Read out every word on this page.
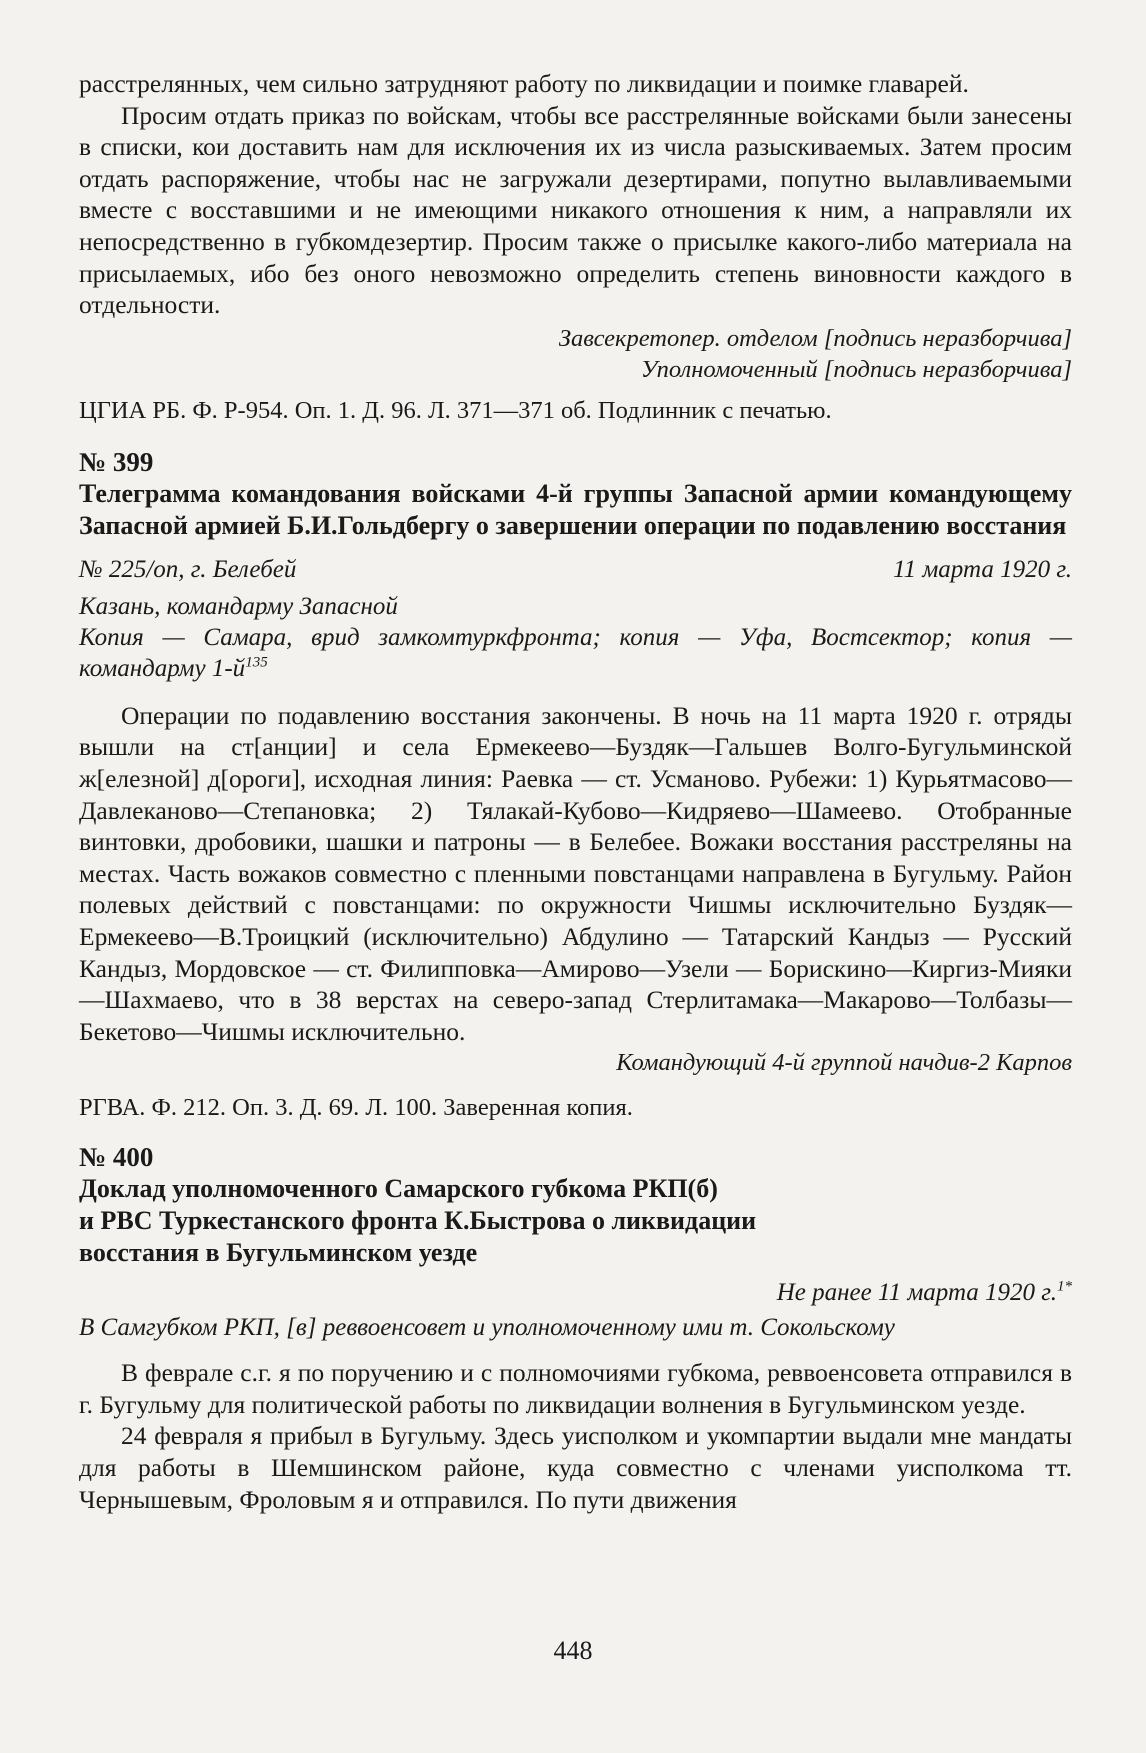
расстрелянных, чем сильно затрудняют работу по ликвидации и поимке главарей.

Просим отдать приказ по войскам, чтобы все расстрелянные войсками были занесены в списки, кои доставить нам для исключения их из числа разыскиваемых. Затем просим отдать распоряжение, чтобы нас не загружали дезертирами, попутно вылавливаемыми вместе с восставшими и не имеющими никакого отношения к ним, а направляли их непосредственно в губкомдезертир. Просим также о присылке какого-либо материала на присылаемых, ибо без оного невозможно определить степень виновности каждого в отдельности.

Завсекретопер. отделом [подпись неразборчива]

Уполномоченный [подпись неразборчива]

ЦГИА РБ. Ф. Р-954. Оп. 1. Д. 96. Л. 371—371 об. Подлинник с печатью.

№ 399

Телеграмма командования войсками 4-й группы Запасной армии командующему Запасной армией Б.И.Гольдбергу о завершении операции по подавлению восстания

№ 225/оп, г. Белебей	11 марта 1920 г.

Казань, командарму Запасной

Копия — Самара, врид замкомтуркфронта; копия — Уфа, Востсектор; копия — командарму $1-й^{135}$

Операции по подавлению восстания закончены. В ночь на 11 марта 1920 г. отряды вышли на ст[анции] и села Ермекеево—Буздяк—Гальшев Волго-Бугульминской ж[елезной] д[ороги], исходная линия: Раевка — ст. Усманово. Рубежи: 1) Курьятмасово—Давлеканово—Степановка; 2) Тялакай-Кубово—Кидряево—Шамеево. Отобранные винтовки, дробовики, шашки и патроны — в Белебее. Вожаки восстания расстреляны на местах. Часть вожаков совместно с пленными повстанцами направлена в Бугульму. Район полевых действий с повстанцами: по окружности Чишмы исключительно Буздяк—Ермекеево—В.Троицкий (исключительно) Абдулино — Татарский Кандыз — Русский Кандыз, Мордовское — ст. Филипповка—Амирово—Узели — Борискино—Киргиз-Мияки—Шахмаево, что в 38 верстах на северо-запад Стерлитамака—Макарово—Толбазы—Бекетово—Чишмы исключительно.

Командующий 4-й группой начдив-2 Карпов

РГВА. Ф. 212. Оп. 3. Д. 69. Л. 100. Заверенная копия.

№ 400

Доклад уполномоченного Самарского губкома РКП(б)

и РВС Туркестанского фронта К.Быстрова о ликвидации

восстания в Бугульминском уезде

Не ранее 11 марта 1920 г.$^{1*}$

В Самгубком РКП, [в] реввоенсовет и уполномоченному ими т. Сокольскому

В феврале с.г. я по поручению и с полномочиями губкома, реввоенсовета отправился в г. Бугульму для политической работы по ликвидации волнения в Бугульминском уезде.

24 февраля я прибыл в Бугульму. Здесь уисполком и укомпартии выдали мне мандаты для работы в Шемшинском районе, куда совместно с членами уисполкома тт. Чернышевым, Фроловым я и отправился. По пути движения

448
